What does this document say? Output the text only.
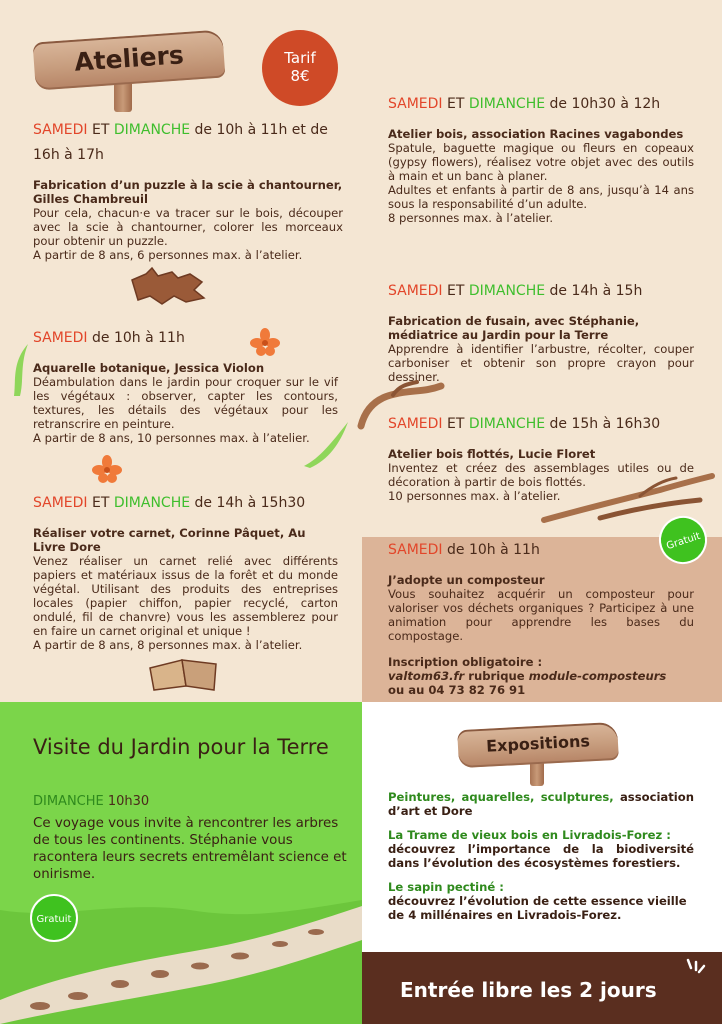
Ateliers	Tarif
8€
SAMEDI ET DIMANCHE de 10h à 11h et de 16h à 17h
Fabrication d’un puzzle à la scie à chantourner, Gilles Chambreuil

Pour cela, chacun·e va tracer sur le bois, découper avec la scie à chantourner, colorer les morceaux pour obtenir un puzzle.

A partir de 8 ans, 6 personnes max. à l’atelier.

SAMEDI de 10h à 11h
Aquarelle botanique, Jessica Violon

Déambulation dans le jardin pour croquer sur le vif les végétaux : observer, capter les contours, textures, les détails des végétaux pour les retranscrire en peinture.

A partir de 8 ans, 10 personnes max. à l’atelier.

SAMEDI ET DIMANCHE de 14h à 15h30
Réaliser votre carnet, Corinne Pâquet, Au Livre Dore

Venez réaliser un carnet relié avec différents papiers et matériaux issus de la forêt et du monde végétal. Utilisant des produits des entreprises locales (papier chiffon, papier recyclé, carton ondulé, fil de chanvre) vous les assemblerez pour en faire un carnet original et unique !

A partir de 8 ans, 8 personnes max. à l’atelier.

SAMEDI ET DIMANCHE de 10h30 à 12h
Atelier bois, association Racines vagabondes

Spatule, baguette magique ou fleurs en copeaux (gypsy flowers), réalisez votre objet avec des outils à main et un banc à planer.

Adultes et enfants à partir de 8 ans, jusqu’à 14 ans sous la responsabilité d’un adulte.

8 personnes max. à l’atelier.

SAMEDI ET DIMANCHE de 14h à 15h
Fabrication de fusain, avec Stéphanie, médiatrice au Jardin pour la Terre

Apprendre à identifier l’arbustre, récolter, couper carboniser et obtenir son propre crayon pour dessiner.

SAMEDI ET DIMANCHE de 15h à 16h30
Atelier bois flottés, Lucie Floret

Inventez et créez des assemblages utiles ou de décoration à partir de bois flottés.

10 personnes max. à l’atelier.

Gratuit
SAMEDI de 10h à 11h
J’adopte un composteur

Vous souhaitez acquérir un composteur pour valoriser vos déchets organiques ? Participez à une animation pour apprendre les bases du compostage.

Inscription obligatoire :

valtom63.fr rubrique module-composteurs

ou au 04 73 82 76 91

Visite du Jardin pour la Terre
DIMANCHE 10h30
Ce voyage vous invite à rencontrer les arbres de tous les continents. Stéphanie vous racontera leurs secrets entremêlant science et onirisme.
Gratuit
Expositions
Peintures, aquarelles, sculptures, association d’art et Dore
La Trame de vieux bois en Livradois-Forez :
découvrez l’importance de la biodiversité dans l’évolution des écosystèmes forestiers.
Le sapin pectiné :
découvrez l’évolution de cette essence vieille de 4 millénaires en Livradois-Forez.
Entrée libre les 2 jours
